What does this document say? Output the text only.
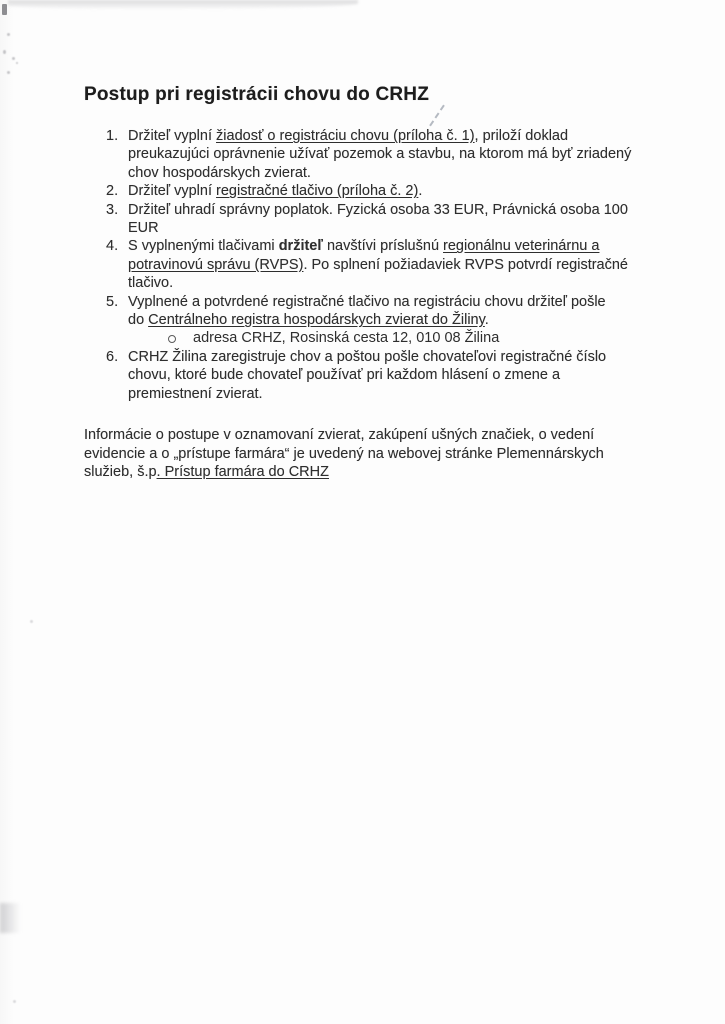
Postup pri registrácii chovu do CRHZ
1. Držiteľ vyplní žiadosť o registráciu chovu (príloha č. 1), priloží doklad
preukazujúci oprávnenie užívať pozemok a stavbu, na ktorom má byť zriadený
chov hospodárskych zvierat.
2. Držiteľ vyplní registračné tlačivo (príloha č. 2).
3. Držiteľ uhradí správny poplatok. Fyzická osoba 33 EUR, Právnická osoba 100
EUR
4. S vyplnenými tlačivami držiteľ navštívi príslušnú regionálnu veterinárnu a
potravinovú správu (RVPS). Po splnení požiadaviek RVPS potvrdí registračné
tlačivo.
5. Vyplnené a potvrdené registračné tlačivo na registráciu chovu držiteľ pošle
do Centrálneho registra hospodárskych zvierat do Žiliny.
adresa CRHZ, Rosinská cesta 12, 010 08 Žilina
6. CRHZ Žilina zaregistruje chov a poštou pošle chovateľovi registračné číslo
chovu, ktoré bude chovateľ používať pri každom hlásení o zmene a
premiestnení zvierat.
Informácie o postupe v oznamovaní zvierat, zakúpení ušných značiek, o vedení
evidencie a o „prístupe farmára“ je uvedený na webovej stránke Plemennárskych
služieb, š.p. Prístup farmára do CRHZ
